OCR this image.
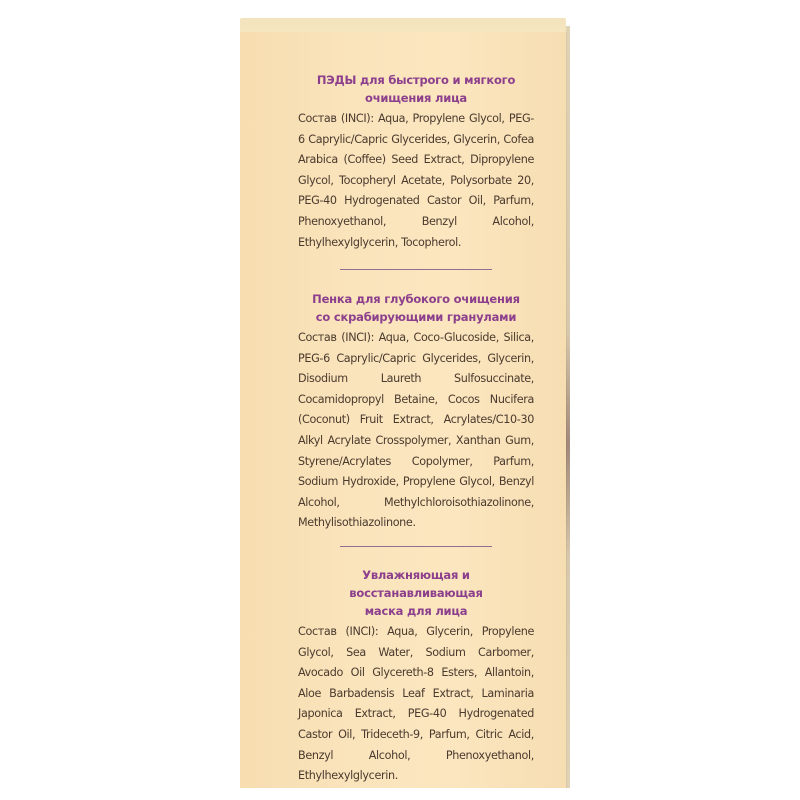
ПЭДЫ для быстрого и мягкого
очищения лица
Состав (INCI): Aqua, Propylene Glycol, PEG-6 Caprylic/Capric Glycerides, Glycerin, Cofea Arabica (Coffee) Seed Extract, Dipropylene Glycol, Tocopheryl Acetate, Polysorbate 20, PEG-40 Hydrogenated Castor Oil, Parfum, Phenoxyethanol, Benzyl Alcohol, Ethylhexylglycerin, Tocopherol.
Пенка для глубокого очищения
со скрабирующими гранулами
Состав (INCI): Aqua, Coco-Glucoside, Silica, PEG-6 Caprylic/Capric Glycerides, Glycerin, Disodium Laureth Sulfosuccinate, Cocamidopropyl Betaine, Cocos Nucifera (Coconut) Fruit Extract, Acrylates/C10-30 Alkyl Acrylate Crosspolymer, Xanthan Gum, Styrene/Acrylates Copolymer, Parfum, Sodium Hydroxide, Propylene Glycol, Benzyl Alcohol, Methylchloroisothiazolinone, Methylisothiazolinone.
Увлажняющая и восстанавливающая
маска для лица
Состав (INCI): Aqua, Glycerin, Propylene Glycol, Sea Water, Sodium Carbomer, Avocado Oil Glycereth-8 Esters, Allantoin, Aloe Barbadensis Leaf Extract, Laminaria Japonica Extract, PEG-40 Hydrogenated Castor Oil, Trideceth-9, Parfum, Citric Acid, Benzyl Alcohol, Phenoxyethanol, Ethylhexylglycerin.
